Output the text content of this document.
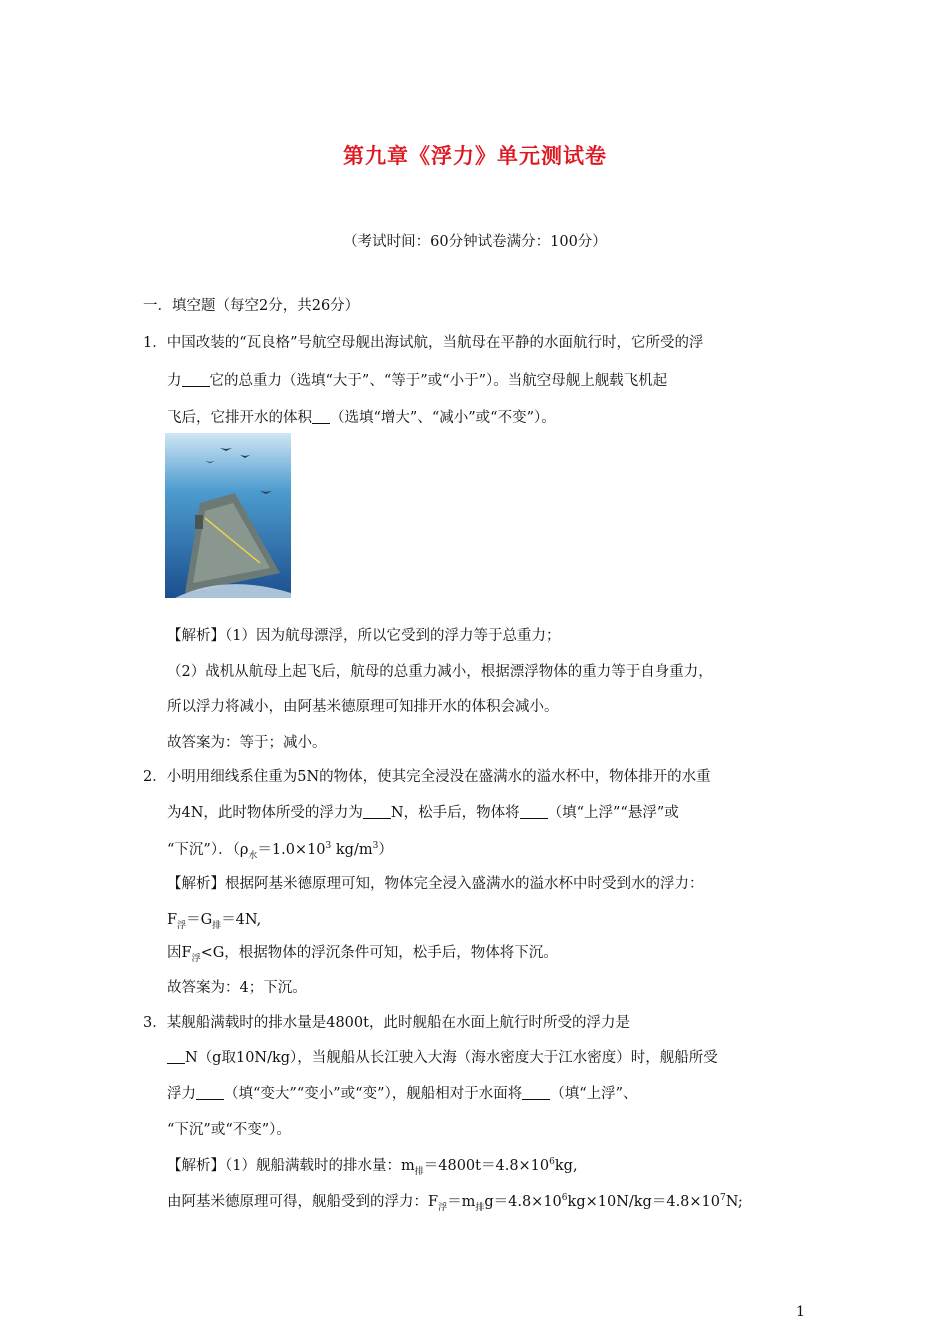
第九章《浮力》单元测试卷
（考试时间：60分钟试卷满分：100分）
一．填空题（每空2分，共26分）
1．中国改装的“瓦良格”号航空母舰出海试航，当航母在平静的水面航行时，它所受的浮
力 它的总重力（选填“大于”、“等于”或“小于”）。当航空母舰上舰载飞机起
飞后，它排开水的体积 （选填“增大”、“减小”或“不变”）。
【解析】（1）因为航母漂浮，所以它受到的浮力等于总重力；
（2）战机从航母上起飞后，航母的总重力减小，根据漂浮物体的重力等于自身重力，
所以浮力将减小，由阿基米德原理可知排开水的体积会减小。
故答案为：等于；减小。
2．小明用细线系住重为5N的物体，使其完全浸没在盛满水的溢水杯中，物体排开的水重
为4N，此时物体所受的浮力为 N，松手后，物体将 （填“上浮”“悬浮”或
“下沉”）．（$\rho_水=1.0\times 10^3$ $kg/m^3$）
【解析】根据阿基米德原理可知，物体完全浸入盛满水的溢水杯中时受到水的浮力：
$F_浮=G_排=4N$,
因$F_浮<G$，根据物体的浮沉条件可知，松手后，物体将下沉。
故答案为：4；下沉。
3．某舰船满载时的排水量是4800t，此时舰船在水面上航行时所受的浮力是
N（g取10N/kg），当舰船从长江驶入大海（海水密度大于江水密度）时，舰船所受
浮力 （填“变大”“变小”或“变”），舰船相对于水面将 （填“上浮”、
“下沉”或“不变”）。
【解析】（1）舰船满载时的排水量：$m_排=4800t=4.8\times 10^6kg$,
由阿基米德原理可得，舰船受到的浮力：$F_浮=m_排g=4.8\times 10^6kg\times 10N/kg=4.8\times 10^7N$;
1
